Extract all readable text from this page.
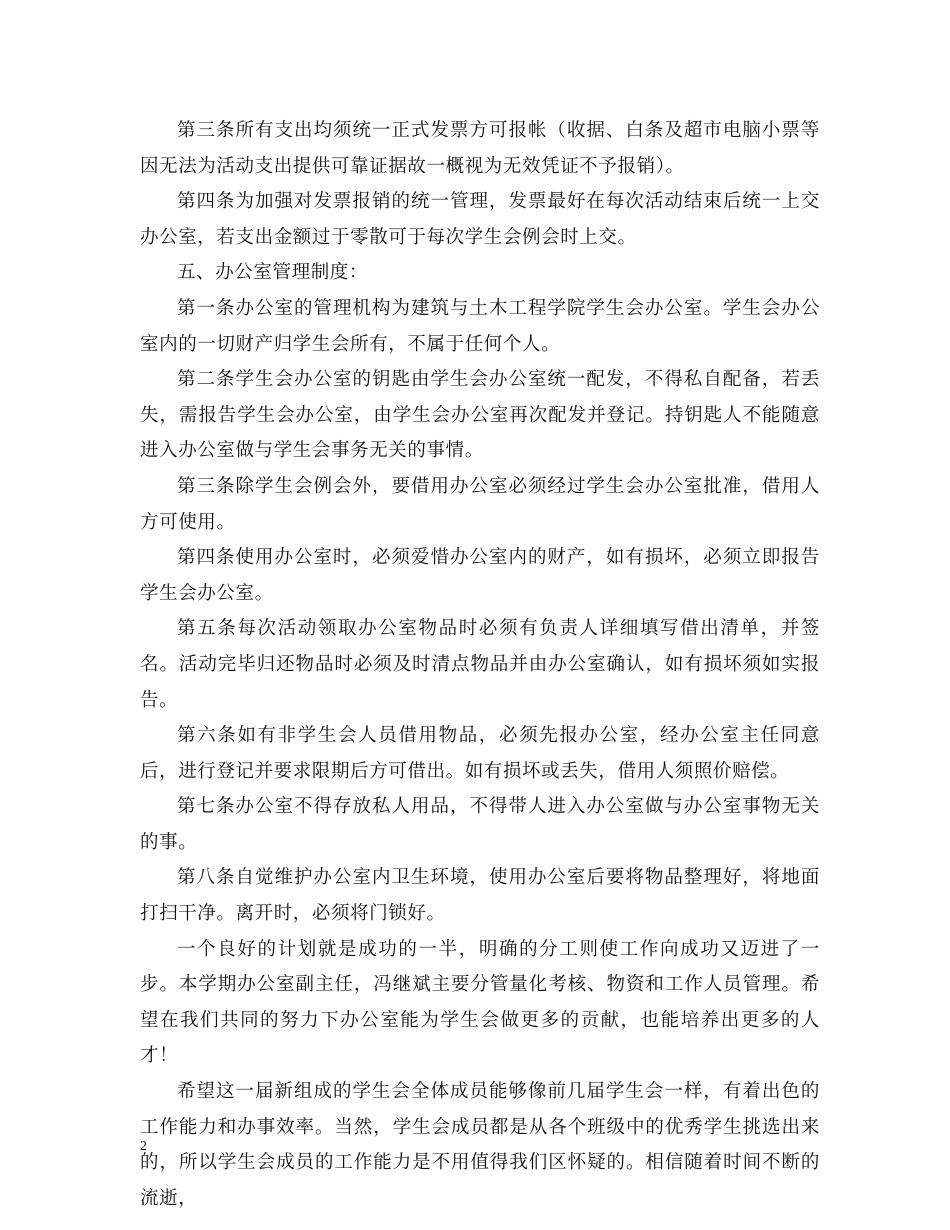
第三条所有支出均须统一正式发票方可报帐（收据、白条及超市电脑小票等因无法为活动支出提供可靠证据故一概视为无效凭证不予报销）。

第四条为加强对发票报销的统一管理，发票最好在每次活动结束后统一上交办公室，若支出金额过于零散可于每次学生会例会时上交。

五、办公室管理制度：

第一条办公室的管理机构为建筑与土木工程学院学生会办公室。学生会办公室内的一切财产归学生会所有，不属于任何个人。

第二条学生会办公室的钥匙由学生会办公室统一配发，不得私自配备，若丢失，需报告学生会办公室，由学生会办公室再次配发并登记。持钥匙人不能随意进入办公室做与学生会事务无关的事情。

第三条除学生会例会外，要借用办公室必须经过学生会办公室批准，借用人方可使用。

第四条使用办公室时，必须爱惜办公室内的财产，如有损坏，必须立即报告学生会办公室。

第五条每次活动领取办公室物品时必须有负责人详细填写借出清单，并签名。活动完毕归还物品时必须及时清点物品并由办公室确认，如有损坏须如实报告。

第六条如有非学生会人员借用物品，必须先报办公室，经办公室主任同意后，进行登记并要求限期后方可借出。如有损坏或丢失，借用人须照价赔偿。

第七条办公室不得存放私人用品，不得带人进入办公室做与办公室事物无关的事。

第八条自觉维护办公室内卫生环境，使用办公室后要将物品整理好，将地面打扫干净。离开时，必须将门锁好。

一个良好的计划就是成功的一半，明确的分工则使工作向成功又迈进了一步。本学期办公室副主任，冯继斌主要分管量化考核、物资和工作人员管理。希望在我们共同的努力下办公室能为学生会做更多的贡献，也能培养出更多的人才！

希望这一届新组成的学生会全体成员能够像前几届学生会一样，有着出色的工作能力和办事效率。当然，学生会成员都是从各个班级中的优秀学生挑选出来的，所以学生会成员的工作能力是不用值得我们区怀疑的。相信随着时间不断的流逝，

2
